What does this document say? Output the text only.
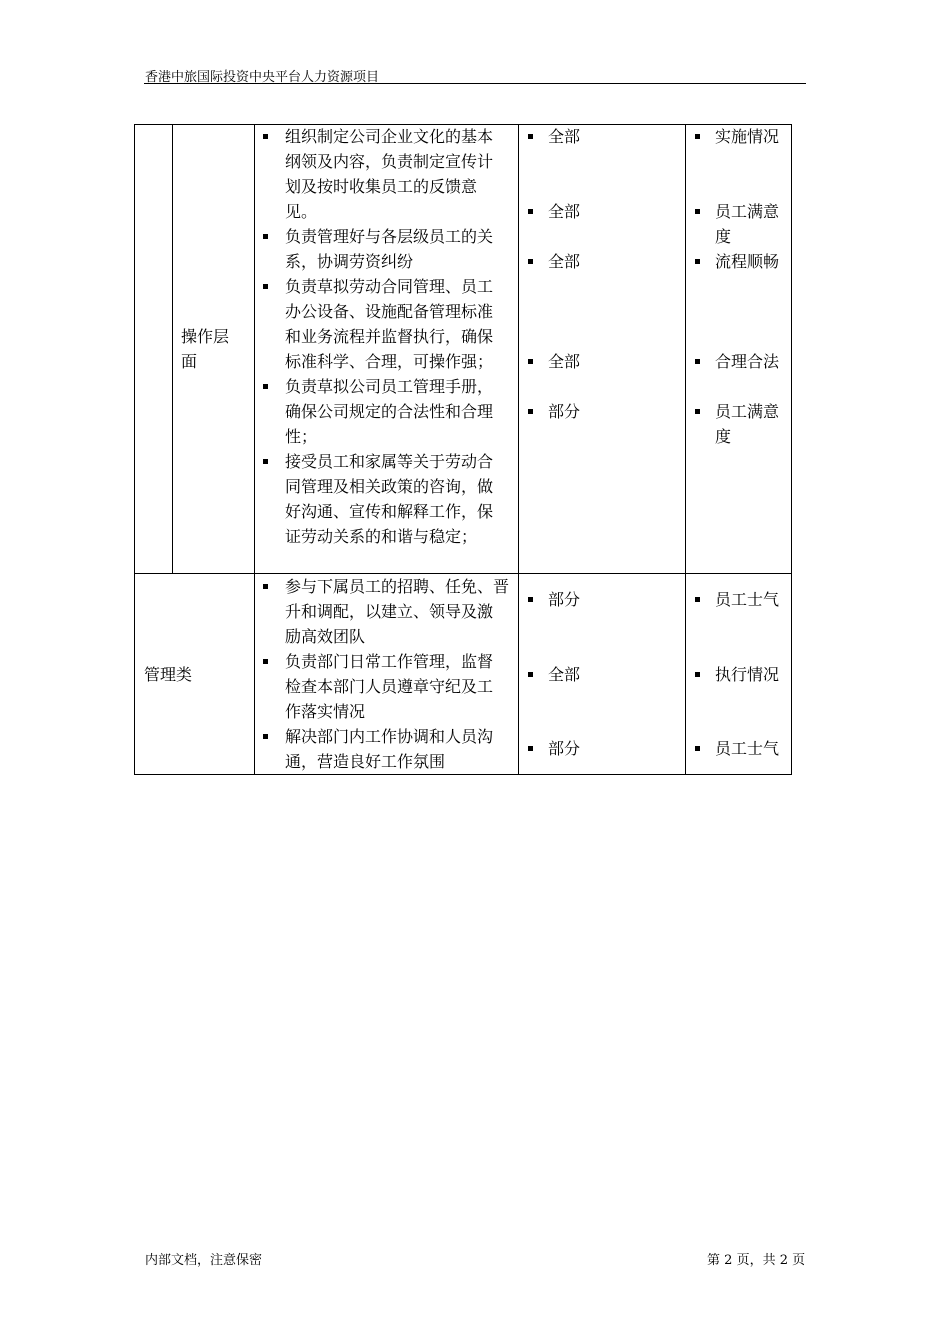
香港中旅国际投资中央平台人力资源项目
内部文档，注意保密	第 2 页，共 2 页
操作层
面
组织制定公司企业文化的基本
纲领及内容，负责制定宣传计
划及按时收集员工的反馈意
见。
负责管理好与各层级员工的关
系，协调劳资纠纷
负责草拟劳动合同管理、员工
办公设备、设施配备管理标准
和业务流程并监督执行，确保
标准科学、合理，可操作强；
负责草拟公司员工管理手册，
确保公司规定的合法性和合理
性；
接受员工和家属等关于劳动合
同管理及相关政策的咨询，做
好沟通、宣传和解释工作，保
证劳动关系的和谐与稳定；
全部
全部
全部
全部
部分
实施情况
员工满意
度
流程顺畅
合理合法
员工满意
度
管理类
参与下属员工的招聘、任免、晋
升和调配，以建立、领导及激
励高效团队
负责部门日常工作管理，监督
检查本部门人员遵章守纪及工
作落实情况
解决部门内工作协调和人员沟
通，营造良好工作氛围
部分
全部
部分
员工士气
执行情况
员工士气
